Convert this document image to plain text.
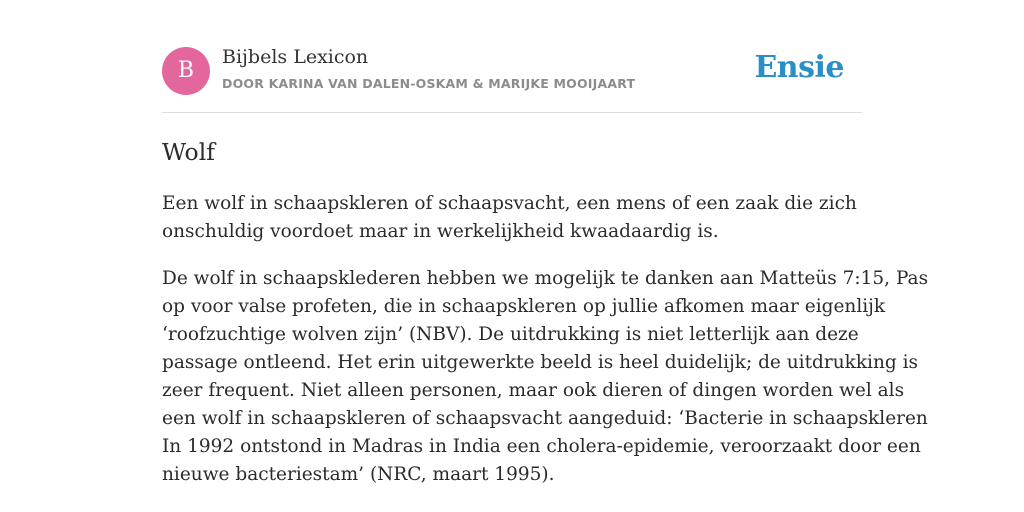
B
Bijbels Lexicon
DOOR KARINA VAN DALEN-OSKAM & MARIJKE MOOIJAART	Ensie
Wolf

Een wolf in schaapskleren of schaapsvacht, een mens of een zaak die zich
onschuldig voordoet maar in werkelijkheid kwaadaardig is.

De wolf in schaapskledеren hebben we mogelijk te danken aan Matteüs 7:15, Pas
op voor valse profeten, die in schaapskleren op jullie afkomen maar eigenlijk
‘roofzuchtige wolven zijn’ (NBV). De uitdrukking is niet letterlijk aan deze
passage ontleend. Het erin uitgewerkte beeld is heel duidelijk; de uitdrukking is
zeer frequent. Niet alleen personen, maar ook dieren of dingen worden wel als
een wolf in schaapskleren of schaapsvacht aangeduid: ‘Bacterie in schaapskleren
In 1992 ontstond in Madras in India een cholera-epidemie, veroorzaakt door een
nieuwe bacteriestam’ (NRC, maart 1995).
